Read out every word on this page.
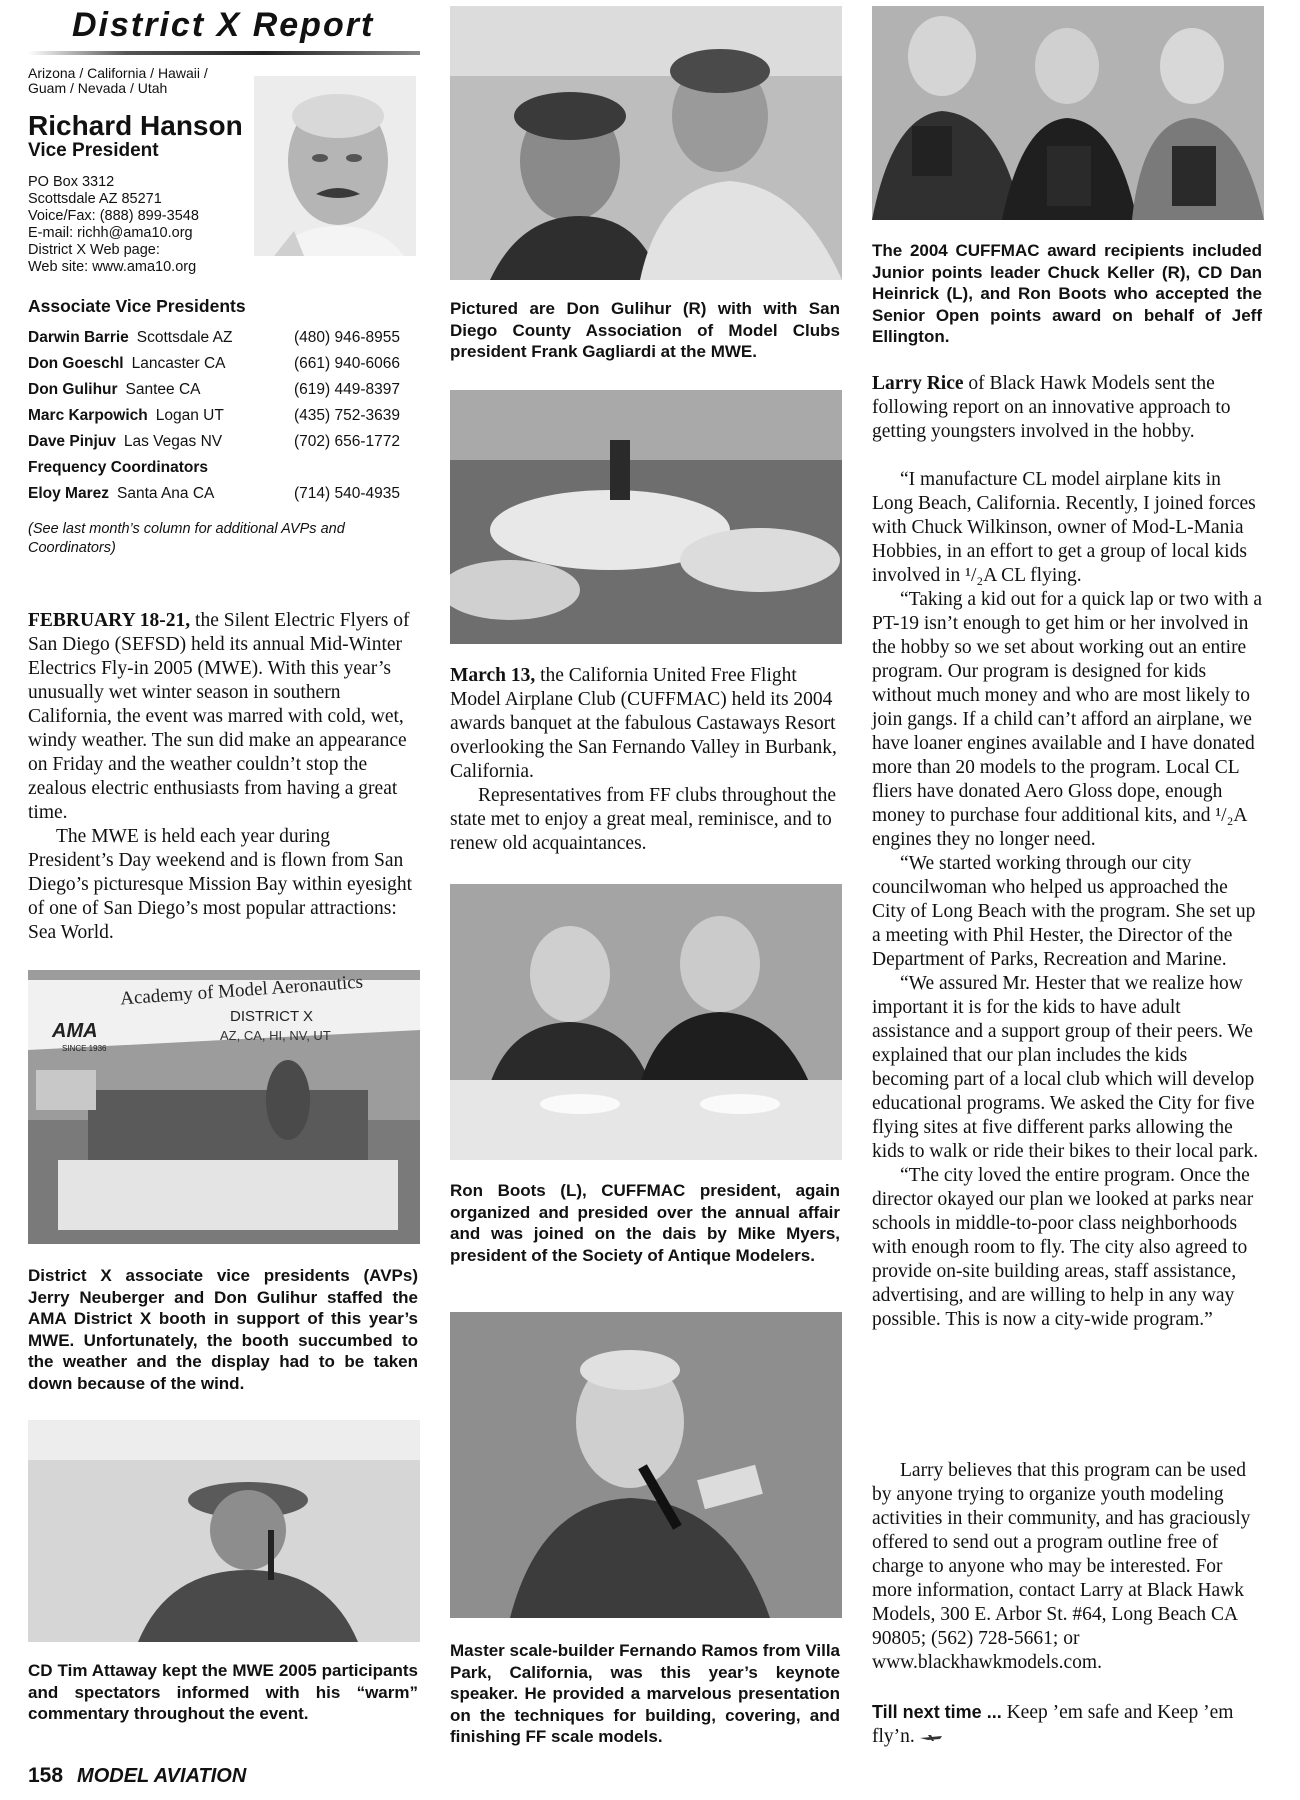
District X Report
Arizona / California / Hawaii / Guam / Nevada / Utah
Richard Hanson
Vice President
PO Box 3312
Scottsdale AZ 85271
Voice/Fax: (888) 899-3548
E-mail: richh@ama10.org
District X Web page:
Web site: www.ama10.org
Associate Vice Presidents
Darwin Barrie Scottsdale AZ	(480) 946-8955
Don Goeschl Lancaster CA	(661) 940-6066
Don Gulihur Santee CA	(619) 449-8397
Marc Karpowich Logan UT	(435) 752-3639
Dave Pinjuv Las Vegas NV	(702) 656-1772
Frequency Coordinators
Eloy Marez Santa Ana CA	(714) 540-4935
(See last month’s column for additional AVPs and Coordinators)

FEBRUARY 18-21, the Silent Electric Flyers of San Diego (SEFSD) held its annual Mid-Winter Electrics Fly-in 2005 (MWE). With this year’s unusually wet winter season in southern California, the event was marred with cold, wet, windy weather. The sun did make an appearance on Friday and the weather couldn’t stop the zealous electric enthusiasts from having a great time.

The MWE is held each year during President’s Day weekend and is flown from San Diego’s picturesque Mission Bay within eyesight of one of San Diego’s most popular attractions: Sea World.

Academy of Model Aeronautics
DISTRICT X
AZ, CA, HI, NV, UT
AMA
SINCE 1936
District X associate vice presidents (AVPs) Jerry Neuberger and Don Gulihur staffed the AMA District X booth in support of this year’s MWE. Unfortunately, the booth succumbed to the weather and the display had to be taken down because of the wind.
CD Tim Attaway kept the MWE 2005 participants and spectators informed with his “warm” commentary throughout the event.
158 MODEL AVIATION
Pictured are Don Gulihur (R) with with San Diego County Association of Model Clubs president Frank Gagliardi at the MWE.

March 13, the California United Free Flight Model Airplane Club (CUFFMAC) held its 2004 awards banquet at the fabulous Castaways Resort overlooking the San Fernando Valley in Burbank, California.

Representatives from FF clubs throughout the state met to enjoy a great meal, reminisce, and to renew old acquaintances.

Ron Boots (L), CUFFMAC president, again organized and presided over the annual affair and was joined on the dais by Mike Myers, president of the Society of Antique Modelers.
Master scale-builder Fernando Ramos from Villa Park, California, was this year’s keynote speaker. He provided a marvelous presentation on the techniques for building, covering, and finishing FF scale models.
The 2004 CUFFMAC award recipients included Junior points leader Chuck Keller (R), CD Dan Heinrick (L), and Ron Boots who accepted the Senior Open points award on behalf of Jeff Ellington.

Larry Rice of Black Hawk Models sent the following report on an innovative approach to getting youngsters involved in the hobby.

“I manufacture CL model airplane kits in Long Beach, California. Recently, I joined forces with Chuck Wilkinson, owner of Mod-L-Mania Hobbies, in an effort to get a group of local kids involved in ¹/₂A CL flying.

“Taking a kid out for a quick lap or two with a PT-19 isn’t enough to get him or her involved in the hobby so we set about working out an entire program. Our program is designed for kids without much money and who are most likely to join gangs. If a child can’t afford an airplane, we have loaner engines available and I have donated more than 20 models to the program. Local CL fliers have donated Aero Gloss dope, enough money to purchase four additional kits, and ¹/₂A engines they no longer need.

“We started working through our city councilwoman who helped us approached the City of Long Beach with the program. She set up a meeting with Phil Hester, the Director of the Department of Parks, Recreation and Marine.

“We assured Mr. Hester that we realize how important it is for the kids to have adult assistance and a support group of their peers. We explained that our plan includes the kids becoming part of a local club which will develop educational programs. We asked the City for five flying sites at five different parks allowing the kids to walk or ride their bikes to their local park.

“The city loved the entire program. Once the director okayed our plan we looked at parks near schools in middle-to-poor class neighborhoods with enough room to fly. The city also agreed to provide on-site building areas, staff assistance, advertising, and are willing to help in any way possible. This is now a city-wide program.”

Larry believes that this program can be used by anyone trying to organize youth modeling activities in their community, and has graciously offered to send out a program outline free of charge to anyone who may be interested. For more information, contact Larry at Black Hawk Models, 300 E. Arbor St. #64, Long Beach CA 90805; (562) 728-5661; or www.blackhawkmodels.com.

Till next time ... Keep ’em safe and Keep ’em fly’n.
